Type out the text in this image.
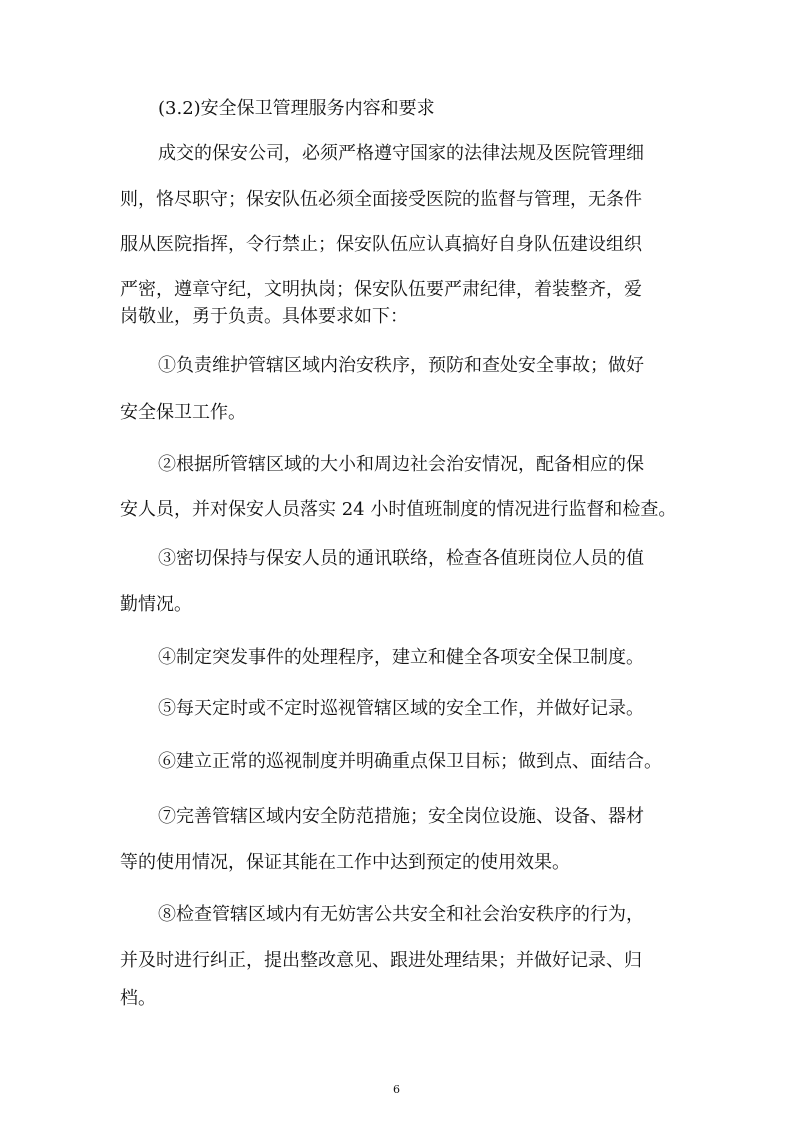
(3.2)安全保卫管理服务内容和要求
成交的保安公司，必须严格遵守国家的法律法规及医院管理细
则，恪尽职守；保安队伍必须全面接受医院的监督与管理，无条件
服从医院指挥，令行禁止；保安队伍应认真搞好自身队伍建设组织
严密，遵章守纪，文明执岗；保安队伍要严肃纪律，着装整齐，爱
岗敬业，勇于负责。具体要求如下：
①负责维护管辖区域内治安秩序，预防和查处安全事故；做好
安全保卫工作。
②根据所管辖区域的大小和周边社会治安情况，配备相应的保
安人员，并对保安人员落实 24 小时值班制度的情况进行监督和检查。
③密切保持与保安人员的通讯联络，检查各值班岗位人员的值
勤情况。
④制定突发事件的处理程序，建立和健全各项安全保卫制度。
⑤每天定时或不定时巡视管辖区域的安全工作，并做好记录。
⑥建立正常的巡视制度并明确重点保卫目标；做到点、面结合。
⑦完善管辖区域内安全防范措施；安全岗位设施、设备、器材
等的使用情况，保证其能在工作中达到预定的使用效果。
⑧检查管辖区域内有无妨害公共安全和社会治安秩序的行为，
并及时进行纠正，提出整改意见、跟进处理结果；并做好记录、归
档。
6
